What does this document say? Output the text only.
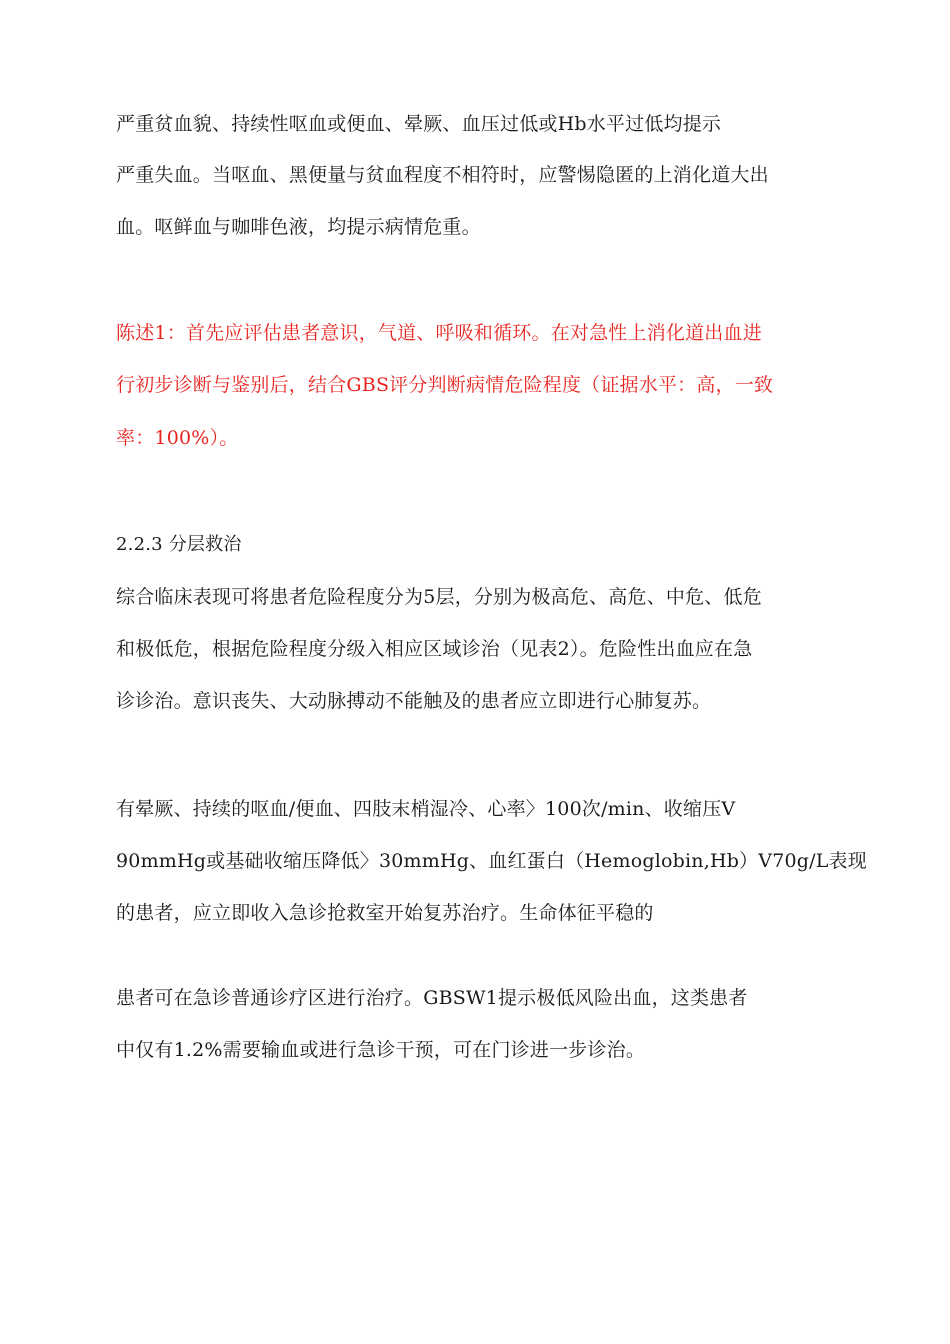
严重贫血貌、持续性呕血或便血、晕厥、血压过低或Hb水平过低均提示
严重失血。当呕血、黑便量与贫血程度不相符时，应警惕隐匿的上消化道大出
血。呕鲜血与咖啡色液，均提示病情危重。
陈述1：首先应评估患者意识，气道、呼吸和循环。在对急性上消化道出血进
行初步诊断与鉴别后，结合GBS评分判断病情危险程度（证据水平：高，一致
率：100%）。
2.2.3 分层救治
综合临床表现可将患者危险程度分为5层，分别为极高危、高危、中危、低危
和极低危，根据危险程度分级入相应区域诊治（见表2）。危险性出血应在急
诊诊治。意识丧失、大动脉搏动不能触及的患者应立即进行心肺复苏。
有晕厥、持续的呕血/便血、四肢末梢湿冷、心率〉100次/min、收缩压V
90mmHg或基础收缩压降低〉30mmHg、血红蛋白（Hemoglobin,Hb）V70g/L表现
的患者，应立即收入急诊抢救室开始复苏治疗。生命体征平稳的
患者可在急诊普通诊疗区进行治疗。GBSW1提示极低风险出血，这类患者
中仅有1.2%需要输血或进行急诊干预，可在门诊进一步诊治。
